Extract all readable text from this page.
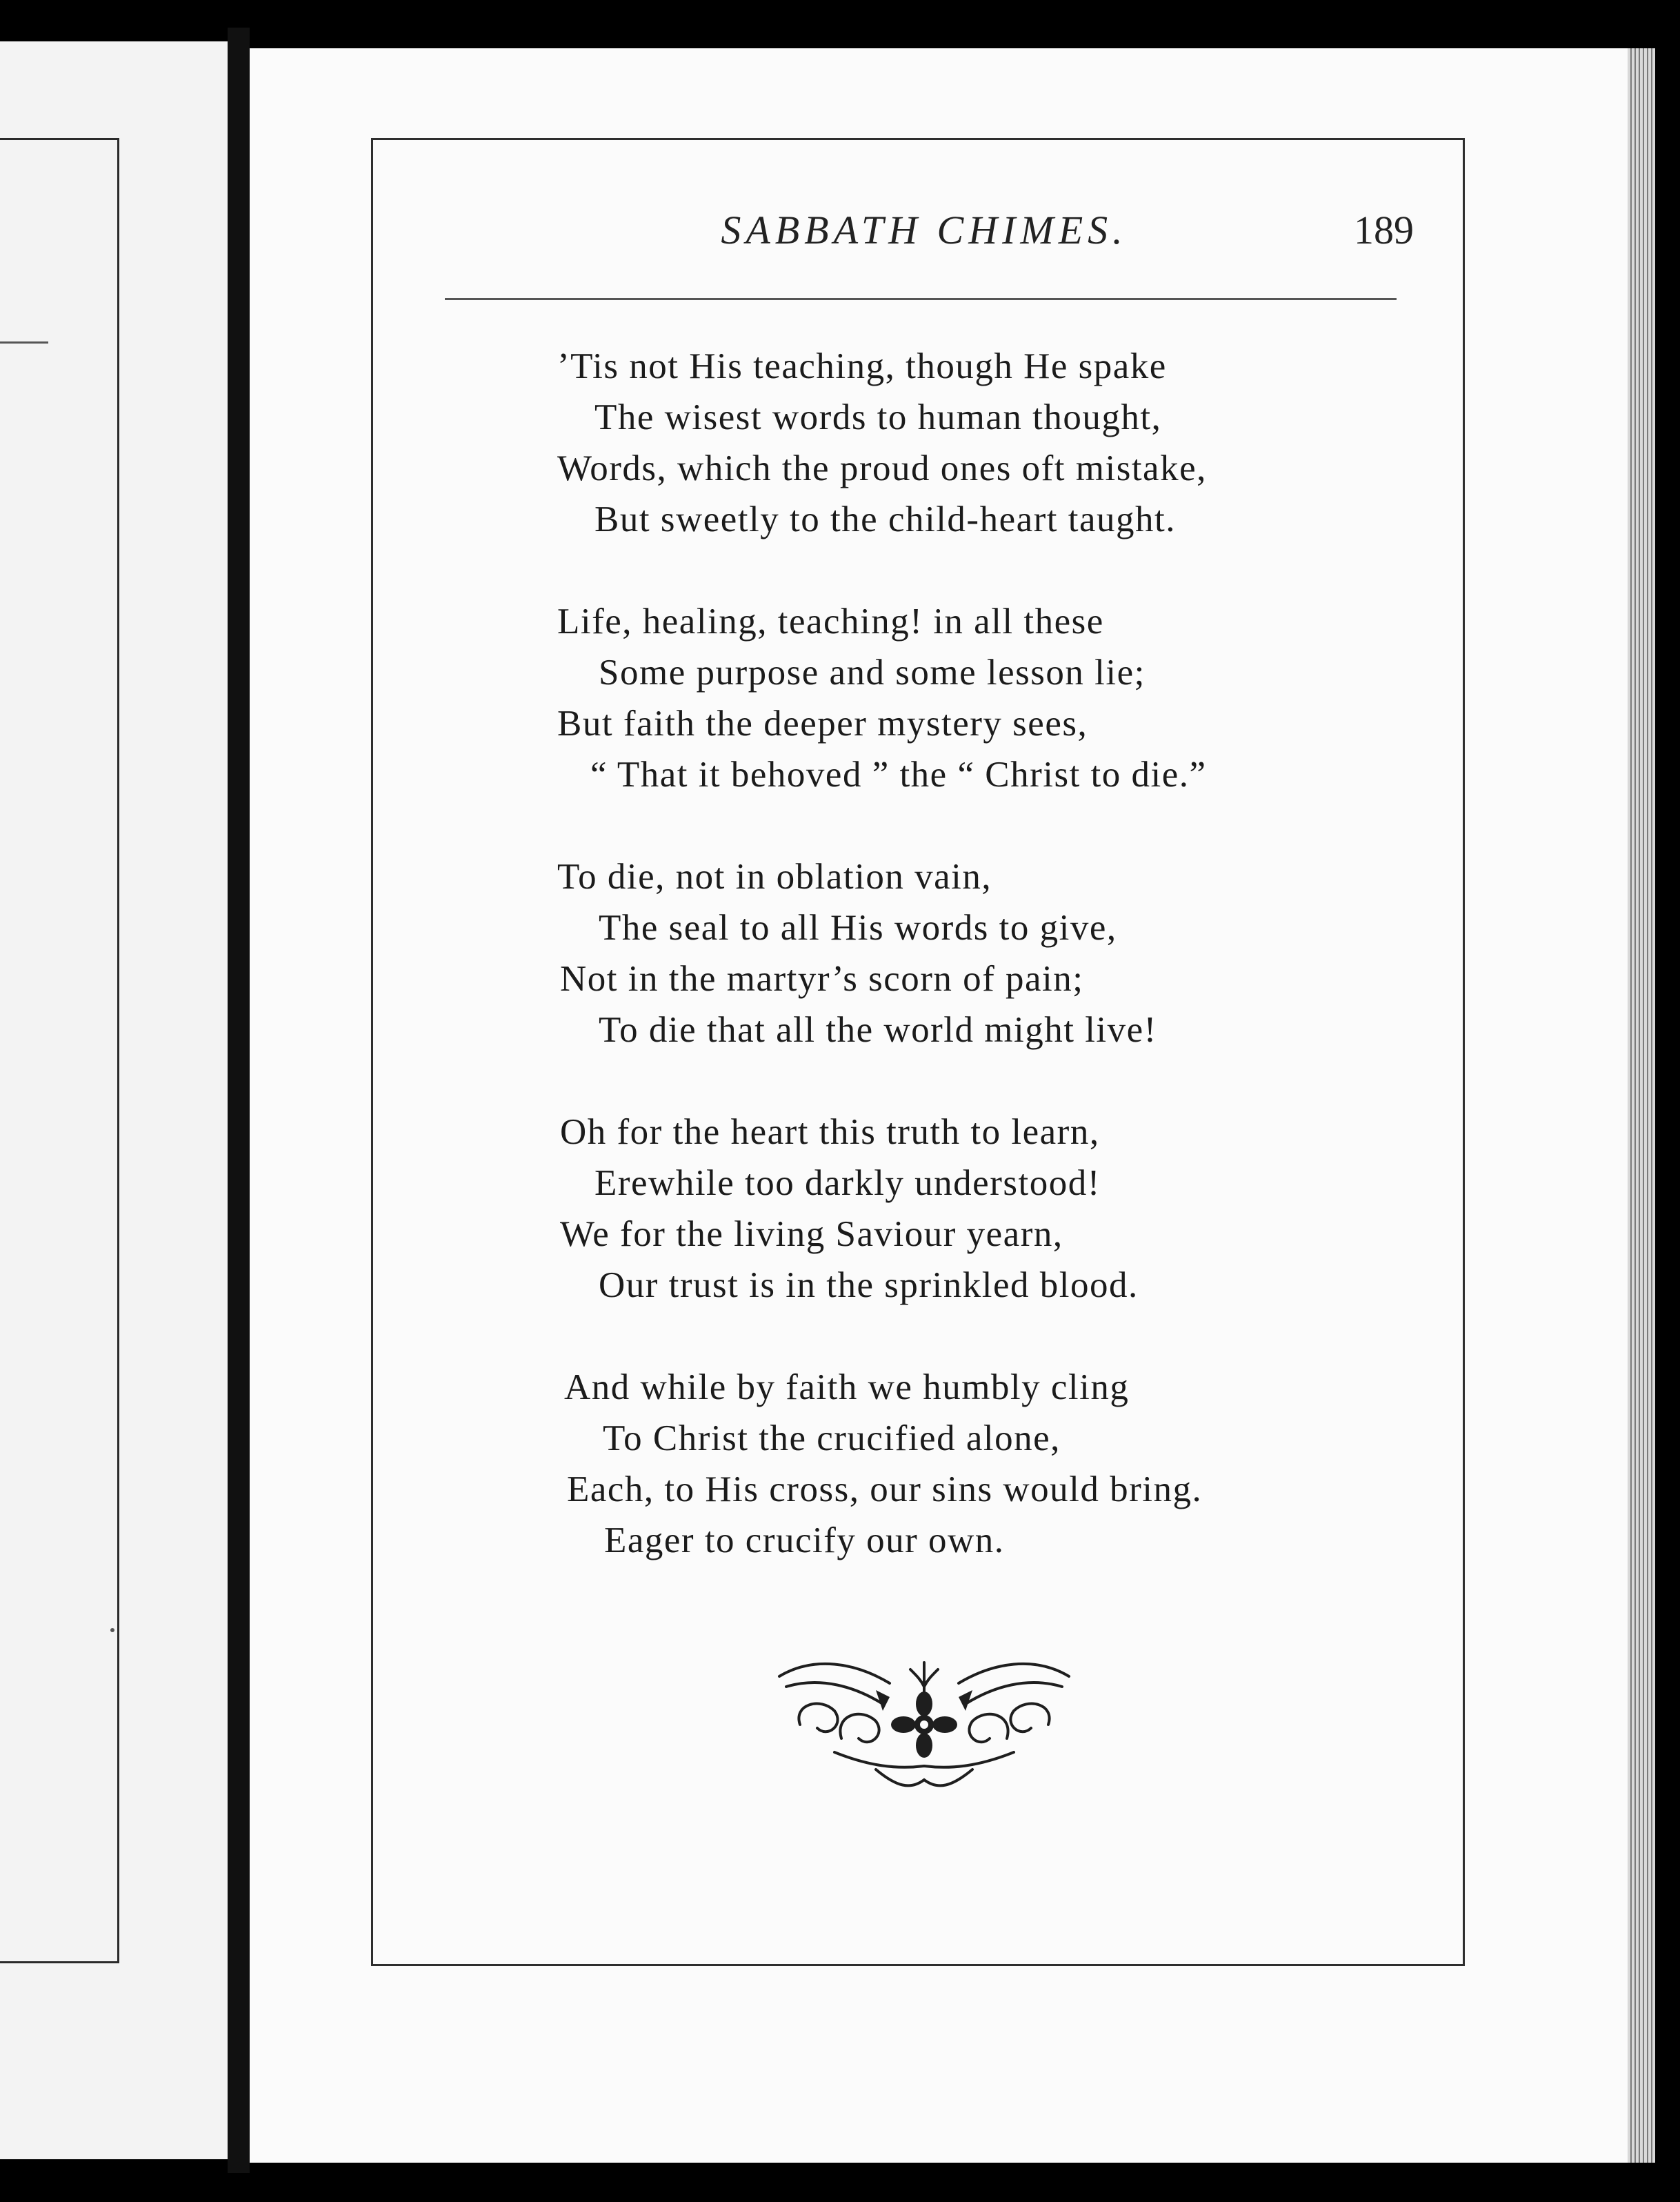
SABBATH CHIMES.	189
’Tis not His teaching, though He spake
The wisest words to human thought,
Words, which the proud ones oft mistake,
But sweetly to the child-heart taught.
Life, healing, teaching! in all these
Some purpose and some lesson lie;
But faith the deeper mystery sees,
“ That it behoved ” the “ Christ to die.”
To die, not in oblation vain,
The seal to all His words to give,
Not in the martyr’s scorn of pain;
To die that all the world might live!
Oh for the heart this truth to learn,
Erewhile too darkly understood!
We for the living Saviour yearn,
Our trust is in the sprinkled blood.
And while by faith we humbly cling
To Christ the crucified alone,
Each, to His cross, our sins would bring.
Eager to crucify our own.
